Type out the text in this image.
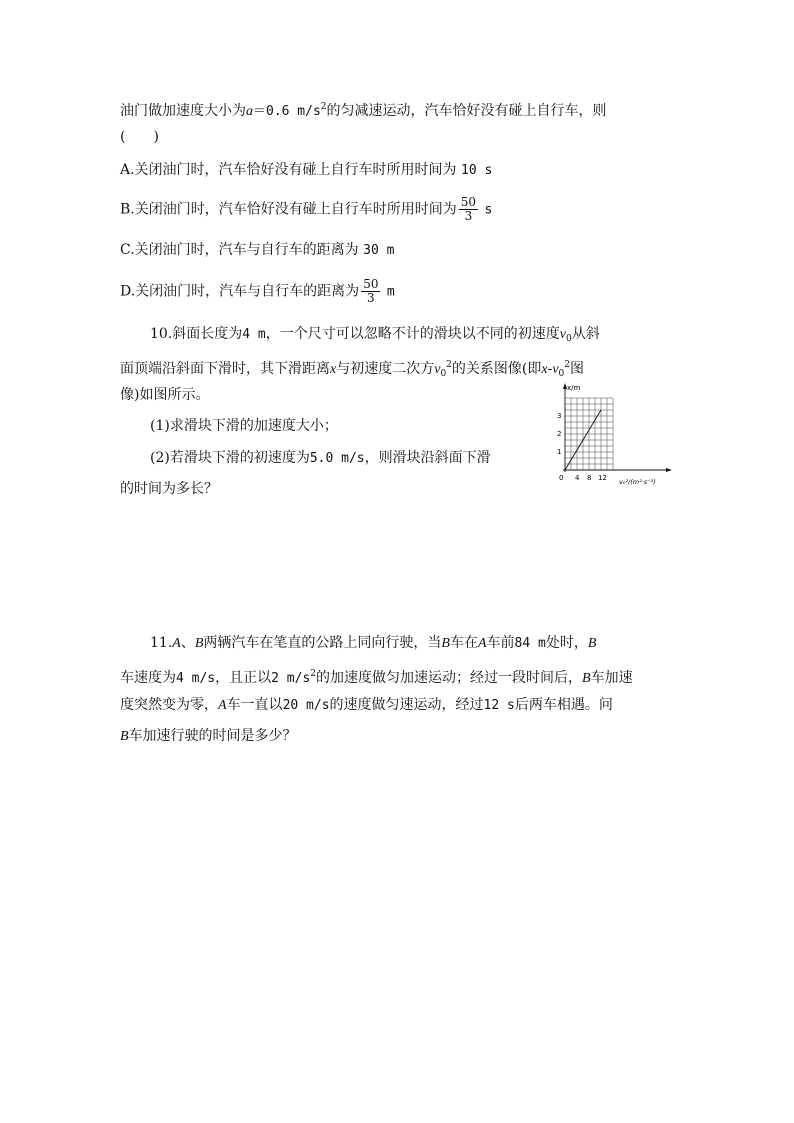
油门做加速度大小为a＝0.6 $m/s^2$的匀减速运动，汽车恰好没有碰上自行车，则
(　　)
A.关闭油门时，汽车恰好没有碰上自行车时所用时间为 10 s
B.关闭油门时，汽车恰好没有碰上自行车时所用时间为 $\frac{50}{3}$ s
C.关闭油门时，汽车与自行车的距离为 30 m
D.关闭油门时，汽车与自行车的距离为 $\frac{50}{3}$ m
10.斜面长度为4 m，一个尺寸可以忽略不计的滑块以不同的初速度$v_0$从斜
面顶端沿斜面下滑时，其下滑距离x与初速度二次方$v_0^2$的关系图像(即$x-v_0^2$图
像)如图所示。
(1)求滑块下滑的加速度大小；
(2)若滑块下滑的初速度为5.0 m/s，则滑块沿斜面下滑
的时间为多长？
x/m
1
2
3
0 4 8 12 v₀²/(m²·s⁻²)
11.A、B两辆汽车在笔直的公路上同向行驶，当B车在A车前84 m处时，B
车速度为4 m/s，且正以2 $m/s^2$的加速度做匀加速运动；经过一段时间后，B车加速
度突然变为零，A车一直以20 m/s的速度做匀速运动，经过12 s后两车相遇。问
B车加速行驶的时间是多少？
